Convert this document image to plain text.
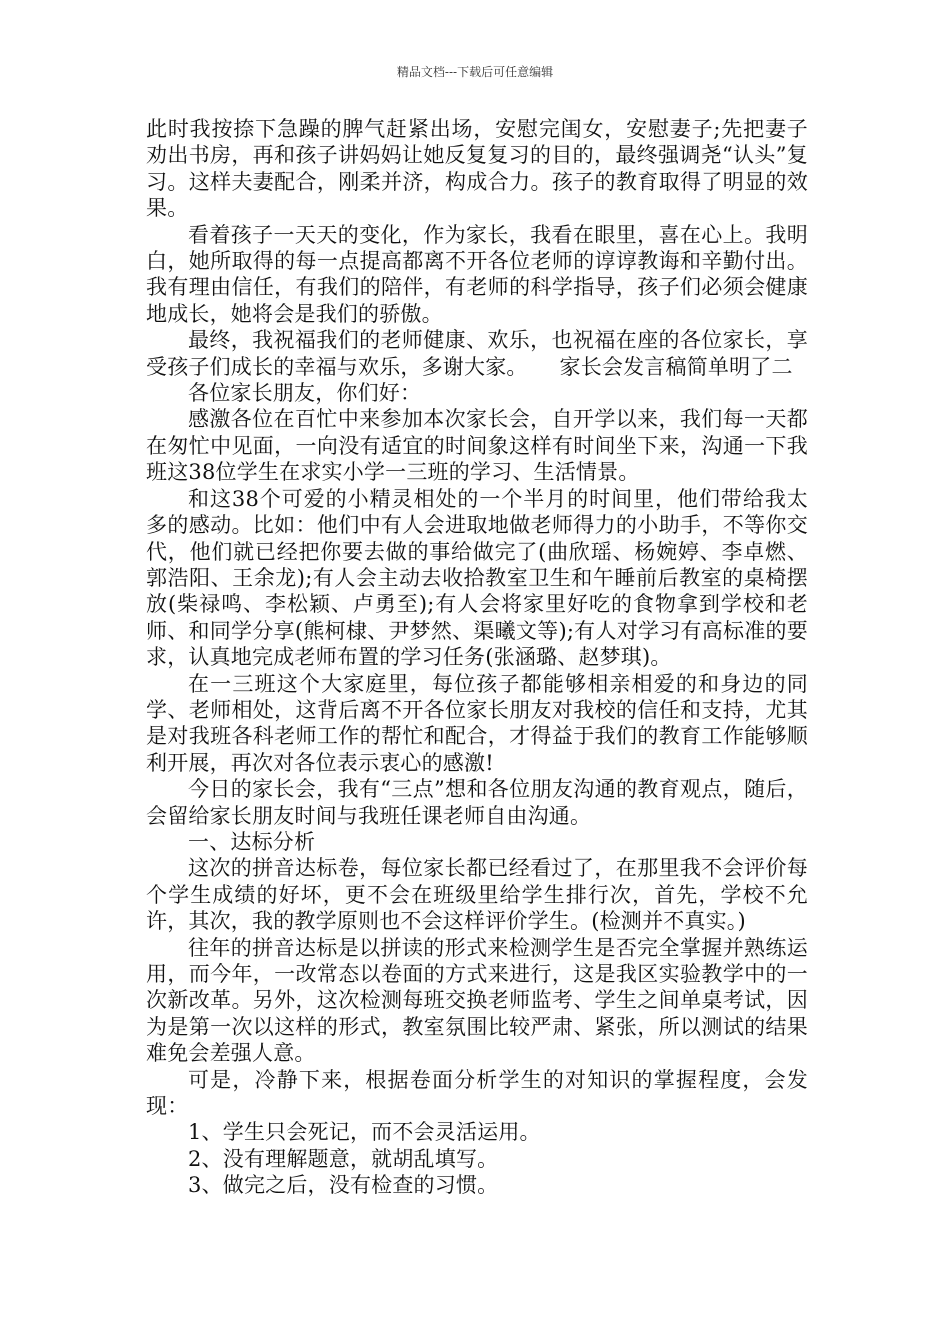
精品文档---下载后可任意编辑

此时我按捺下急躁的脾气赶紧出场，安慰完闺女，安慰妻子;先把妻子劝出书房，再和孩子讲妈妈让她反复复习的目的，最终强调尧“认头”复习。这样夫妻配合，刚柔并济，构成合力。孩子的教育取得了明显的效果。

看着孩子一天天的变化，作为家长，我看在眼里，喜在心上。我明白，她所取得的每一点提高都离不开各位老师的谆谆教诲和辛勤付出。我有理由信任，有我们的陪伴，有老师的科学指导，孩子们必须会健康地成长，她将会是我们的骄傲。

最终，我祝福我们的老师健康、欢乐，也祝福在座的各位家长，享受孩子们成长的幸福与欢乐，多谢大家。　　家长会发言稿简单明了二

各位家长朋友，你们好：

感激各位在百忙中来参加本次家长会，自开学以来，我们每一天都在匆忙中见面，一向没有适宜的时间象这样有时间坐下来，沟通一下我班这38位学生在求实小学一三班的学习、生活情景。

和这38个可爱的小精灵相处的一个半月的时间里，他们带给我太多的感动。比如：他们中有人会进取地做老师得力的小助手，不等你交代，他们就已经把你要去做的事给做完了(曲欣瑶、杨婉婷、李卓燃、郭浩阳、王余龙);有人会主动去收拾教室卫生和午睡前后教室的桌椅摆放(柴禄鸣、李松颖、卢勇至);有人会将家里好吃的食物拿到学校和老师、和同学分享(熊柯棣、尹梦然、渠曦文等);有人对学习有高标准的要求，认真地完成老师布置的学习任务(张涵璐、赵梦琪)。

在一三班这个大家庭里，每位孩子都能够相亲相爱的和身边的同学、老师相处，这背后离不开各位家长朋友对我校的信任和支持，尤其是对我班各科老师工作的帮忙和配合，才得益于我们的教育工作能够顺利开展，再次对各位表示衷心的感激!

今日的家长会，我有“三点”想和各位朋友沟通的教育观点，随后，会留给家长朋友时间与我班任课老师自由沟通。

一、达标分析

这次的拼音达标卷，每位家长都已经看过了，在那里我不会评价每个学生成绩的好坏，更不会在班级里给学生排行次，首先，学校不允许，其次，我的教学原则也不会这样评价学生。(检测并不真实。)

往年的拼音达标是以拼读的形式来检测学生是否完全掌握并熟练运用，而今年，一改常态以卷面的方式来进行，这是我区实验教学中的一次新改革。另外，这次检测每班交换老师监考、学生之间单桌考试，因为是第一次以这样的形式，教室氛围比较严肃、紧张，所以测试的结果难免会差强人意。

可是，冷静下来，根据卷面分析学生的对知识的掌握程度，会发现：

1、学生只会死记，而不会灵活运用。

2、没有理解题意，就胡乱填写。

3、做完之后，没有检查的习惯。
